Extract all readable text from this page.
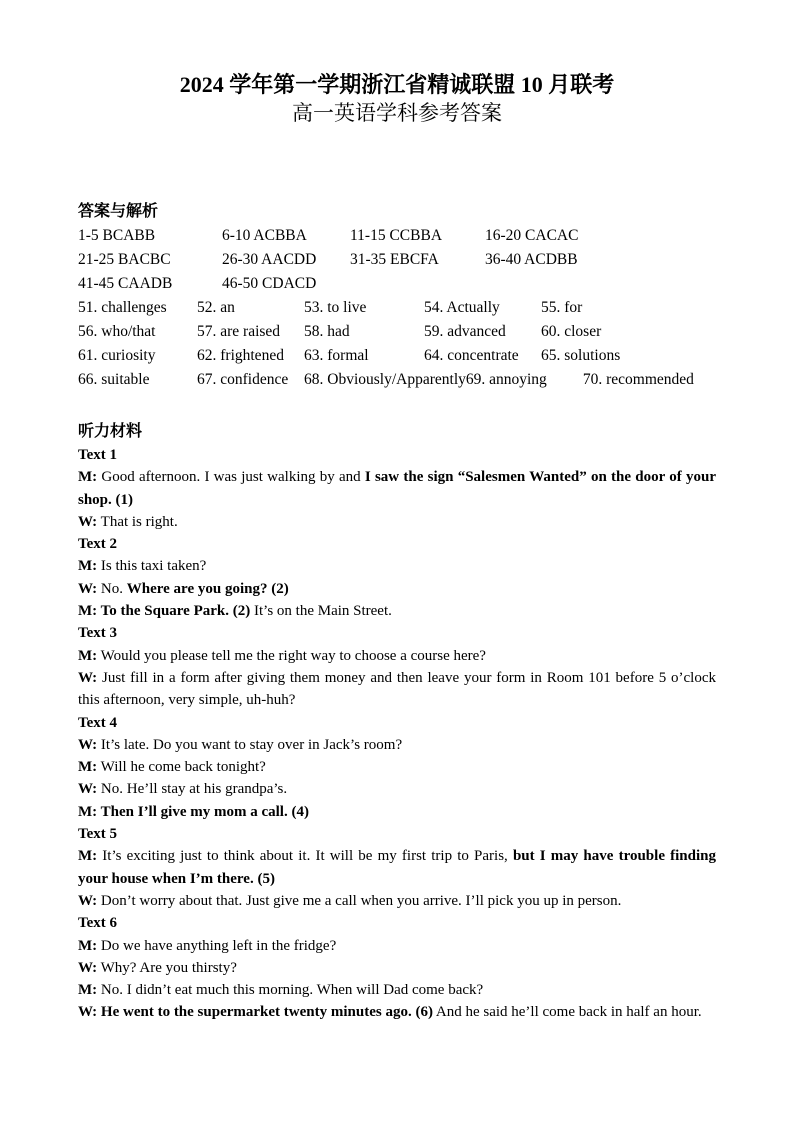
2024 学年第一学期浙江省精诚联盟 10 月联考

高一英语学科参考答案

答案与解析
1-5 BCABB	6-10 ACBBA	11-15 CCBBA	16-20 CACAC
21-25 BACBC	26-30 AACDD	31-35 EBCFA	36-40 ACDBB
41-45 CAADB	46-50 CDACD
51. challenges	52. an	53. to live	54. Actually	55. for
56. who/that	57. are raised	58. had	59. advanced	60. closer
61. curiosity	62. frightened	63. formal	64. concentrate	65. solutions
66. suitable	67. confidence	68. Obviously/Apparently 69. annoying	70. recommended
听力材料

Text 1

M: Good afternoon. I was just walking by and I saw the sign “Salesmen Wanted” on the door of your shop. (1)

W: That is right.

Text 2

M: Is this taxi taken?

W: No. Where are you going? (2)

M: To the Square Park. (2) It’s on the Main Street.

Text 3

M: Would you please tell me the right way to choose a course here?

W: Just fill in a form after giving them money and then leave your form in Room 101 before 5 o’clock this afternoon, very simple, uh-huh?

Text 4

W: It’s late. Do you want to stay over in Jack’s room?

M: Will he come back tonight?

W: No. He’ll stay at his grandpa’s.

M: Then I’ll give my mom a call. (4)

Text 5

M: It’s exciting just to think about it. It will be my first trip to Paris, but I may have trouble finding your house when I’m there. (5)

W: Don’t worry about that. Just give me a call when you arrive. I’ll pick you up in person.

Text 6

M: Do we have anything left in the fridge?

W: Why? Are you thirsty?

M: No. I didn’t eat much this morning. When will Dad come back?

W: He went to the supermarket twenty minutes ago. (6) And he said he’ll come back in half an hour.
